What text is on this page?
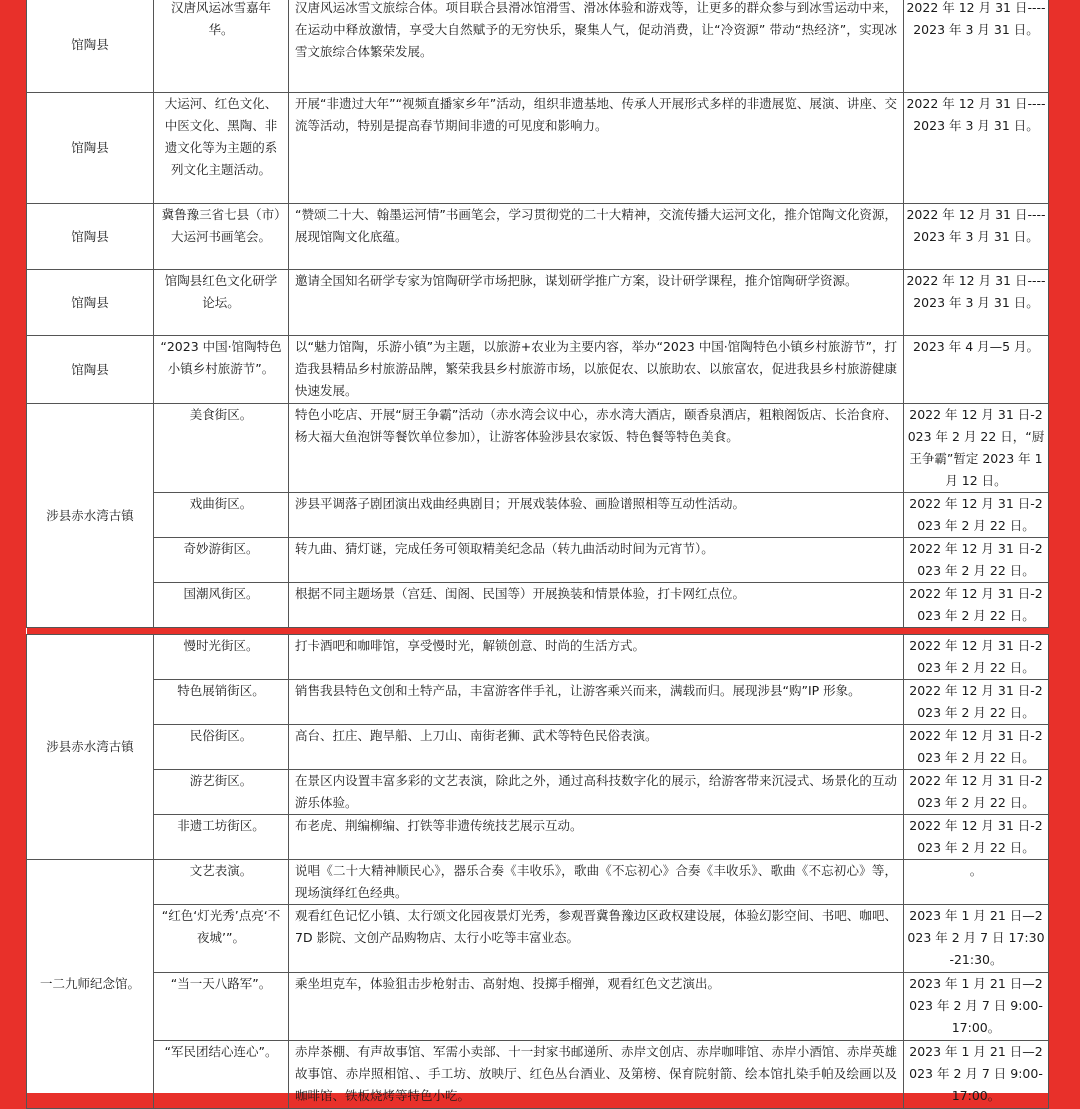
馆陶县	汉唐风运冰雪嘉年华。	汉唐风运冰雪文旅综合体。项目联合县滑冰馆滑雪、滑冰体验和游戏等，让更多的群众参与到冰雪运动中来，在运动中释放激情，享受大自然赋予的无穷快乐，聚集人气，促动消费，让“冷资源” 带动“热经济”，实现冰雪文旅综合体繁荣发展。	2022 年 12 月 31 日----2023 年 3 月 31 日。
馆陶县	大运河、红色文化、中医文化、黑陶、非遗文化等为主题的系列文化主题活动。	开展“非遗过大年”“视频直播家乡年”活动，组织非遗基地、传承人开展形式多样的非遗展览、展演、讲座、交流等活动，特别是提高春节期间非遗的可见度和影响力。	2022 年 12 月 31 日----2023 年 3 月 31 日。
馆陶县	冀鲁豫三省七县（市）大运河书画笔会。	“赞颂二十大、翰墨运河情”书画笔会，学习贯彻党的二十大精神，交流传播大运河文化，推介馆陶文化资源，展现馆陶文化底蕴。	2022 年 12 月 31 日----2023 年 3 月 31 日。
馆陶县	馆陶县红色文化研学论坛。	邀请全国知名研学专家为馆陶研学市场把脉，谋划研学推广方案，设计研学课程，推介馆陶研学资源。	2022 年 12 月 31 日----2023 年 3 月 31 日。
馆陶县	“2023 中国·馆陶特色小镇乡村旅游节”。	以“魅力馆陶，乐游小镇”为主题，以旅游+农业为主要内容，举办“2023 中国·馆陶特色小镇乡村旅游节”，打造我县精品乡村旅游品牌，繁荣我县乡村旅游市场，以旅促农、以旅助农、以旅富农，促进我县乡村旅游健康快速发展。	2023 年 4 月—5 月。
涉县赤水湾古镇	美食街区。	特色小吃店、开展“厨王争霸”活动（赤水湾会议中心，赤水湾大酒店，颐香泉酒店，粗粮阁饭店、长治食府、杨大福大鱼泡饼等餐饮单位参加），让游客体验涉县农家饭、特色餐等特色美食。	2022 年 12 月 31 日-2023 年 2 月 22 日，“厨王争霸”暂定 2023 年 1 月 12 日。
	戏曲街区。	涉县平调落子剧团演出戏曲经典剧目；开展戏装体验、画脸谱照相等互动性活动。	2022 年 12 月 31 日-2023 年 2 月 22 日。
	奇妙游街区。	转九曲、猜灯谜，完成任务可领取精美纪念品（转九曲活动时间为元宵节）。	2022 年 12 月 31 日-2023 年 2 月 22 日。
	国潮风街区。	根据不同主题场景（宫廷、闺阁、民国等）开展换装和情景体验，打卡网红点位。	2022 年 12 月 31 日-2023 年 2 月 22 日。

涉县赤水湾古镇	慢时光街区。	打卡酒吧和咖啡馆，享受慢时光，解锁创意、时尚的生活方式。	2022 年 12 月 31 日-2023 年 2 月 22 日。
	特色展销街区。	销售我县特色文创和土特产品，丰富游客伴手礼，让游客乘兴而来，满载而归。展现涉县“购”IP 形象。	2022 年 12 月 31 日-2023 年 2 月 22 日。
	民俗街区。	高台、扛庄、跑旱船、上刀山、南街老狮、武术等特色民俗表演。	2022 年 12 月 31 日-2023 年 2 月 22 日。
	游艺街区。	在景区内设置丰富多彩的文艺表演，除此之外，通过高科技数字化的展示，给游客带来沉浸式、场景化的互动游乐体验。	2022 年 12 月 31 日-2023 年 2 月 22 日。
	非遗工坊街区。	布老虎、荆编柳编、打铁等非遗传统技艺展示互动。	2022 年 12 月 31 日-2023 年 2 月 22 日。
一二九师纪念馆。	文艺表演。	说唱《二十大精神顺民心》，器乐合奏《丰收乐》，歌曲《不忘初心》合奏《丰收乐》、歌曲《不忘初心》等，现场演绎红色经典。	。
	“红色‘灯光秀’点亮‘不夜城’”。	观看红色记忆小镇、太行颂文化园夜景灯光秀，参观晋冀鲁豫边区政权建设展，体验幻影空间、书吧、咖吧、7D 影院、文创产品购物店、太行小吃等丰富业态。	2023 年 1 月 21 日—2023 年 2 月 7 日 17:30-21:30。
	“当一天八路军”。	乘坐坦克车，体验狙击步枪射击、高射炮、投掷手榴弹，观看红色文艺演出。	2023 年 1 月 21 日—2023 年 2 月 7 日 9:00-17:00。
	“军民团结心连心”。	赤岸茶棚、有声故事馆、军需小卖部、十一封家书邮递所、赤岸文创店、赤岸咖啡馆、赤岸小酒馆、赤岸英雄故事馆、赤岸照相馆、、手工坊、放映厅、红色丛台酒业、及第榜、保育院射箭、绘本馆扎染手帕及绘画以及咖啡馆、铁板烧烤等特色小吃。	2023 年 1 月 21 日—2023 年 2 月 7 日 9:00-17:00。
